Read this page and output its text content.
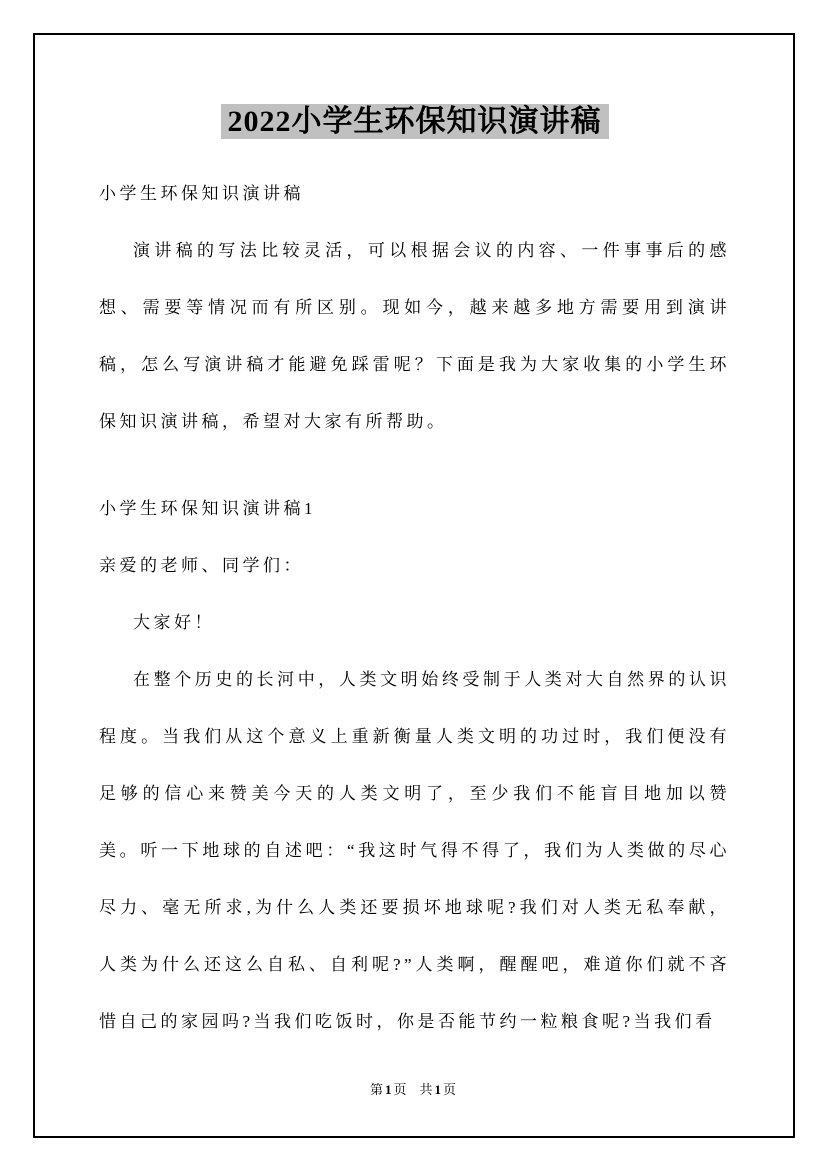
2022小学生环保知识演讲稿

小学生环保知识演讲稿

演讲稿的写法比较灵活，可以根据会议的内容、一件事事后的感想、需要等情况而有所区别。现如今，越来越多地方需要用到演讲稿，怎么写演讲稿才能避免踩雷呢？下面是我为大家收集的小学生环保知识演讲稿，希望对大家有所帮助。

小学生环保知识演讲稿1

亲爱的老师、同学们：

大家好！

在整个历史的长河中，人类文明始终受制于人类对大自然界的认识程度。当我们从这个意义上重新衡量人类文明的功过时，我们便没有足够的信心来赞美今天的人类文明了，至少我们不能盲目地加以赞美。听一下地球的自述吧：“我这时气得不得了，我们为人类做的尽心尽力、毫无所求,为什么人类还要损坏地球呢?我们对人类无私奉献，人类为什么还这么自私、自利呢?”人类啊，醒醒吧，难道你们就不吝惜自己的家园吗?当我们吃饭时，你是否能节约一粒粮食呢?当我们看

第1页 共1页
